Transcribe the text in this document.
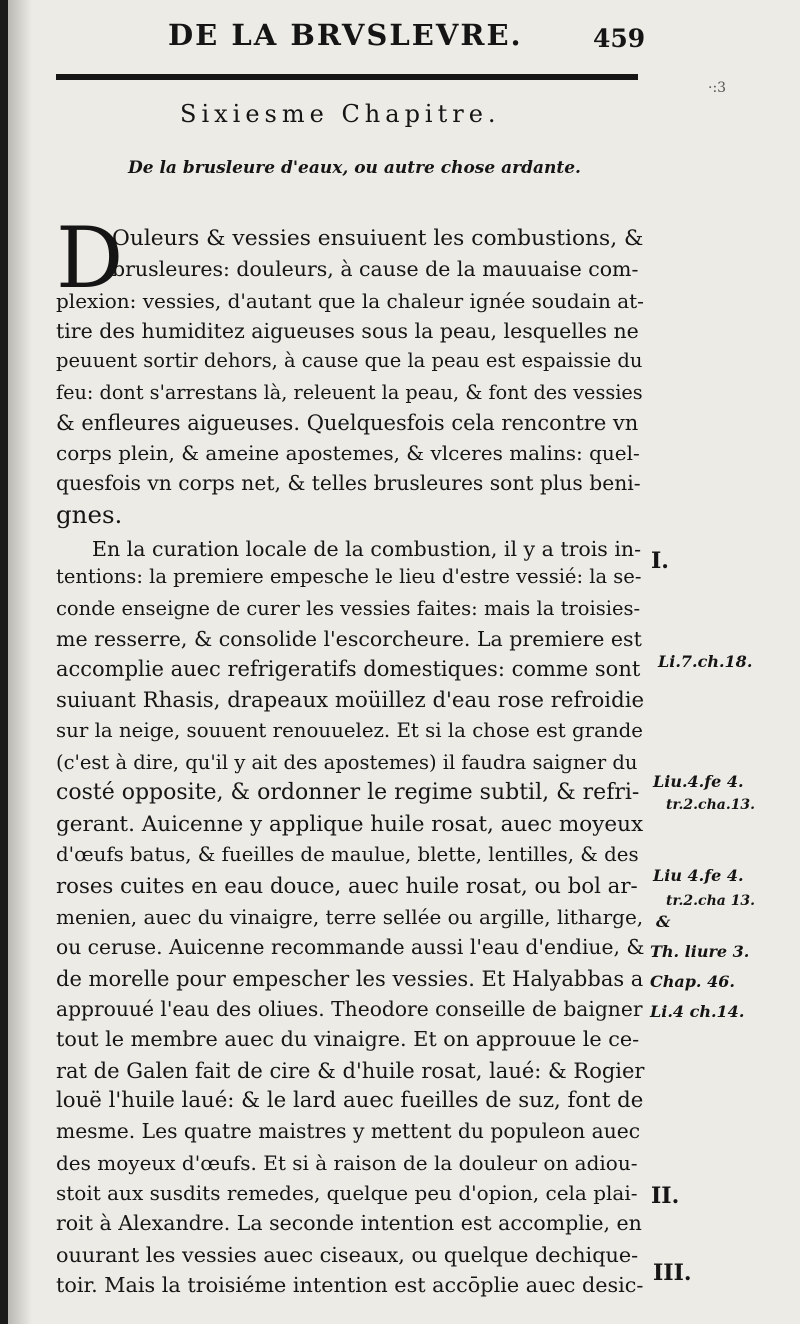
DE LA BRVSLEVRE.	459
·:3
Sixiesme Chapitre.
De la brusleure d'eaux, ou autre chose ardante.
D
Ouleurs & vessies ensuiuent les combustions, &
brusleures: douleurs, à cause de la mauuaise com-
plexion: vessies, d'autant que la chaleur ignée soudain at-
tire des humiditez aigueuses sous la peau, lesquelles ne
peuuent sortir dehors, à cause que la peau est espaissie du
feu: dont s'arrestans là, releuent la peau, & font des vessies
& enfleures aigueuses. Quelquesfois cela rencontre vn
corps plein, & ameine apostemes, & vlceres malins: quel-
quesfois vn corps net, & telles brusleures sont plus beni-
gnes.
En la curation locale de la combustion, il y a trois in-
tentions: la premiere empesche le lieu d'estre vessié: la se-
conde enseigne de curer les vessies faites: mais la troisies-
me resserre, & consolide l'escorcheure. La premiere est
accomplie auec refrigeratifs domestiques: comme sont
suiuant Rhasis, drapeaux moüillez d'eau rose refroidie
sur la neige, souuent renouuelez. Et si la chose est grande
(c'est à dire, qu'il y ait des apostemes) il faudra saigner du
costé opposite, & ordonner le regime subtil, & refri-
gerant. Auicenne y applique huile rosat, auec moyeux
d'œufs batus, & fueilles de maulue, blette, lentilles, & des
roses cuites en eau douce, auec huile rosat, ou bol ar-
menien, auec du vinaigre, terre sellée ou argille, litharge,
ou ceruse. Auicenne recommande aussi l'eau d'endiue, &
de morelle pour empescher les vessies. Et Halyabbas a
approuué l'eau des oliues. Theodore conseille de baigner
tout le membre auec du vinaigre. Et on approuue le ce-
rat de Galen fait de cire & d'huile rosat, laué: & Rogier
louë l'huile laué: & le lard auec fueilles de suz, font de
mesme. Les quatre maistres y mettent du populeon auec
des moyeux d'œufs. Et si à raison de la douleur on adiou-
stoit aux susdits remedes, quelque peu d'opion, cela plai-
roit à Alexandre. La seconde intention est accomplie, en
ouurant les vessies auec ciseaux, ou quelque dechique-
toir. Mais la troisiéme intention est accōplie auec desic-
I.
Li.7.ch.18.
Liu.4.fe 4.
tr.2.cha.13.
Liu 4.fe 4.
tr.2.cha 13.
&
Th. liure 3.
Chap. 46.
Li.4 ch.14.
II.
III.
